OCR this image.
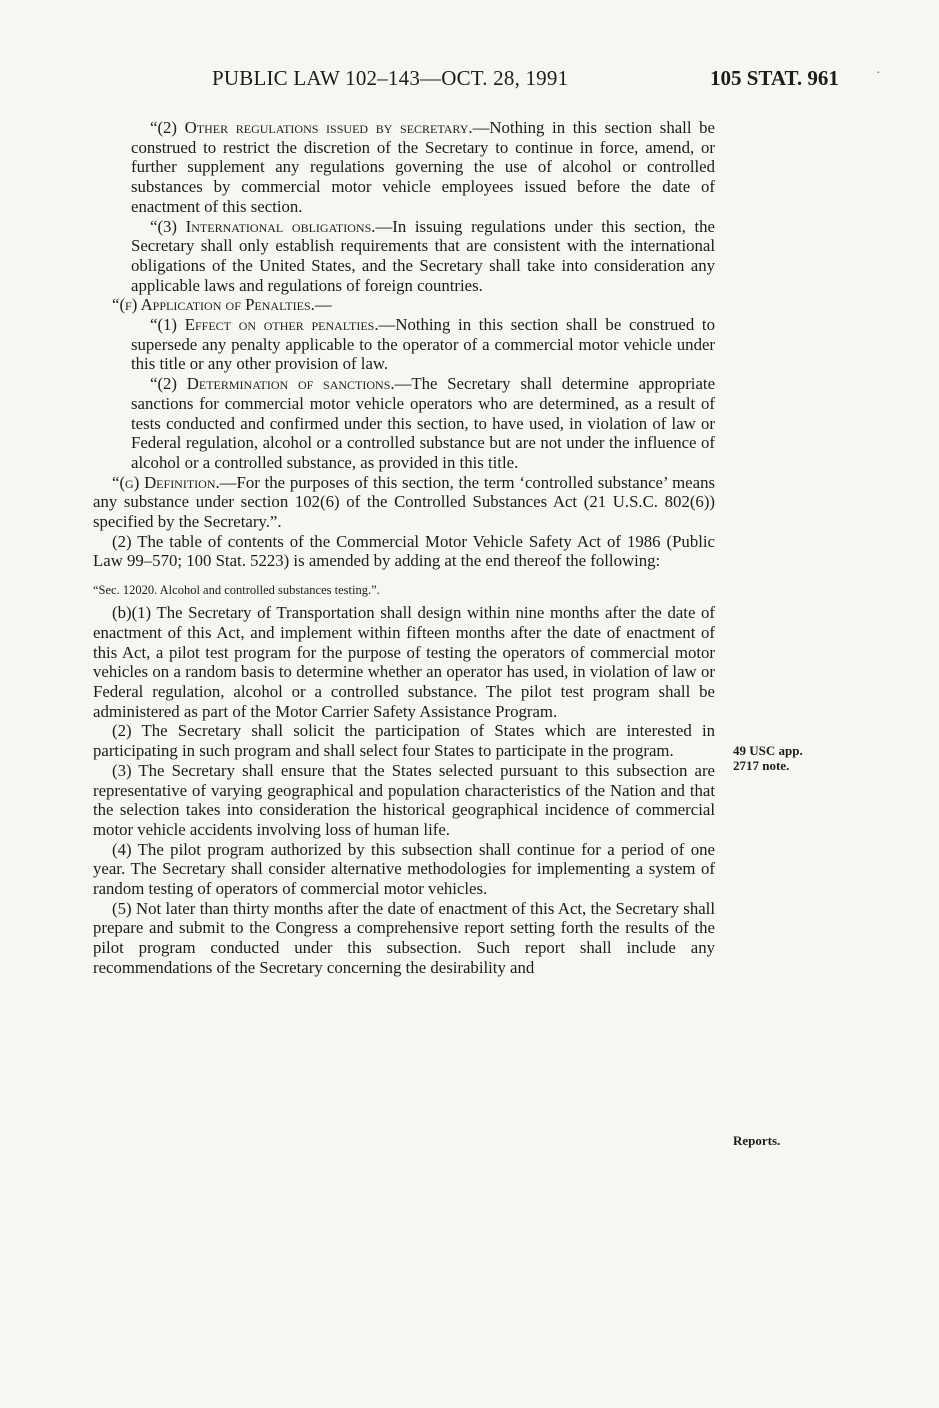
PUBLIC LAW 102–143—OCT. 28, 1991	105 STAT. 961	·

“(2) Other regulations issued by secretary.—Nothing in this section shall be construed to restrict the discretion of the Secretary to continue in force, amend, or further supplement any regulations governing the use of alcohol or controlled substances by commercial motor vehicle employees issued before the date of enactment of this section.

“(3) International obligations.—In issuing regulations under this section, the Secretary shall only establish requirements that are consistent with the international obligations of the United States, and the Secretary shall take into consideration any applicable laws and regulations of foreign countries.

“(f) Application of Penalties.—

“(1) Effect on other penalties.—Nothing in this section shall be construed to supersede any penalty applicable to the operator of a commercial motor vehicle under this title or any other provision of law.

“(2) Determination of sanctions.—The Secretary shall determine appropriate sanctions for commercial motor vehicle operators who are determined, as a result of tests conducted and confirmed under this section, to have used, in violation of law or Federal regulation, alcohol or a controlled substance but are not under the influence of alcohol or a controlled substance, as provided in this title.

“(g) Definition.—For the purposes of this section, the term ‘controlled substance’ means any substance under section 102(6) of the Controlled Substances Act (21 U.S.C. 802(6)) specified by the Secretary.”.

(2) The table of contents of the Commercial Motor Vehicle Safety Act of 1986 (Public Law 99–570; 100 Stat. 5223) is amended by adding at the end thereof the following:

“Sec. 12020. Alcohol and controlled substances testing.”.

(b)(1) The Secretary of Transportation shall design within nine months after the date of enactment of this Act, and implement within fifteen months after the date of enactment of this Act, a pilot test program for the purpose of testing the operators of commercial motor vehicles on a random basis to determine whether an operator has used, in violation of law or Federal regulation, alcohol or a controlled substance. The pilot test program shall be administered as part of the Motor Carrier Safety Assistance Program.

(2) The Secretary shall solicit the participation of States which are interested in participating in such program and shall select four States to participate in the program.

(3) The Secretary shall ensure that the States selected pursuant to this subsection are representative of varying geographical and population characteristics of the Nation and that the selection takes into consideration the historical geographical incidence of commercial motor vehicle accidents involving loss of human life.

(4) The pilot program authorized by this subsection shall continue for a period of one year. The Secretary shall consider alternative methodologies for implementing a system of random testing of operators of commercial motor vehicles.

(5) Not later than thirty months after the date of enactment of this Act, the Secretary shall prepare and submit to the Congress a comprehensive report setting forth the results of the pilot program conducted under this subsection. Such report shall include any recommendations of the Secretary concerning the desirability and

49 USC app.
2717 note.
Reports.
